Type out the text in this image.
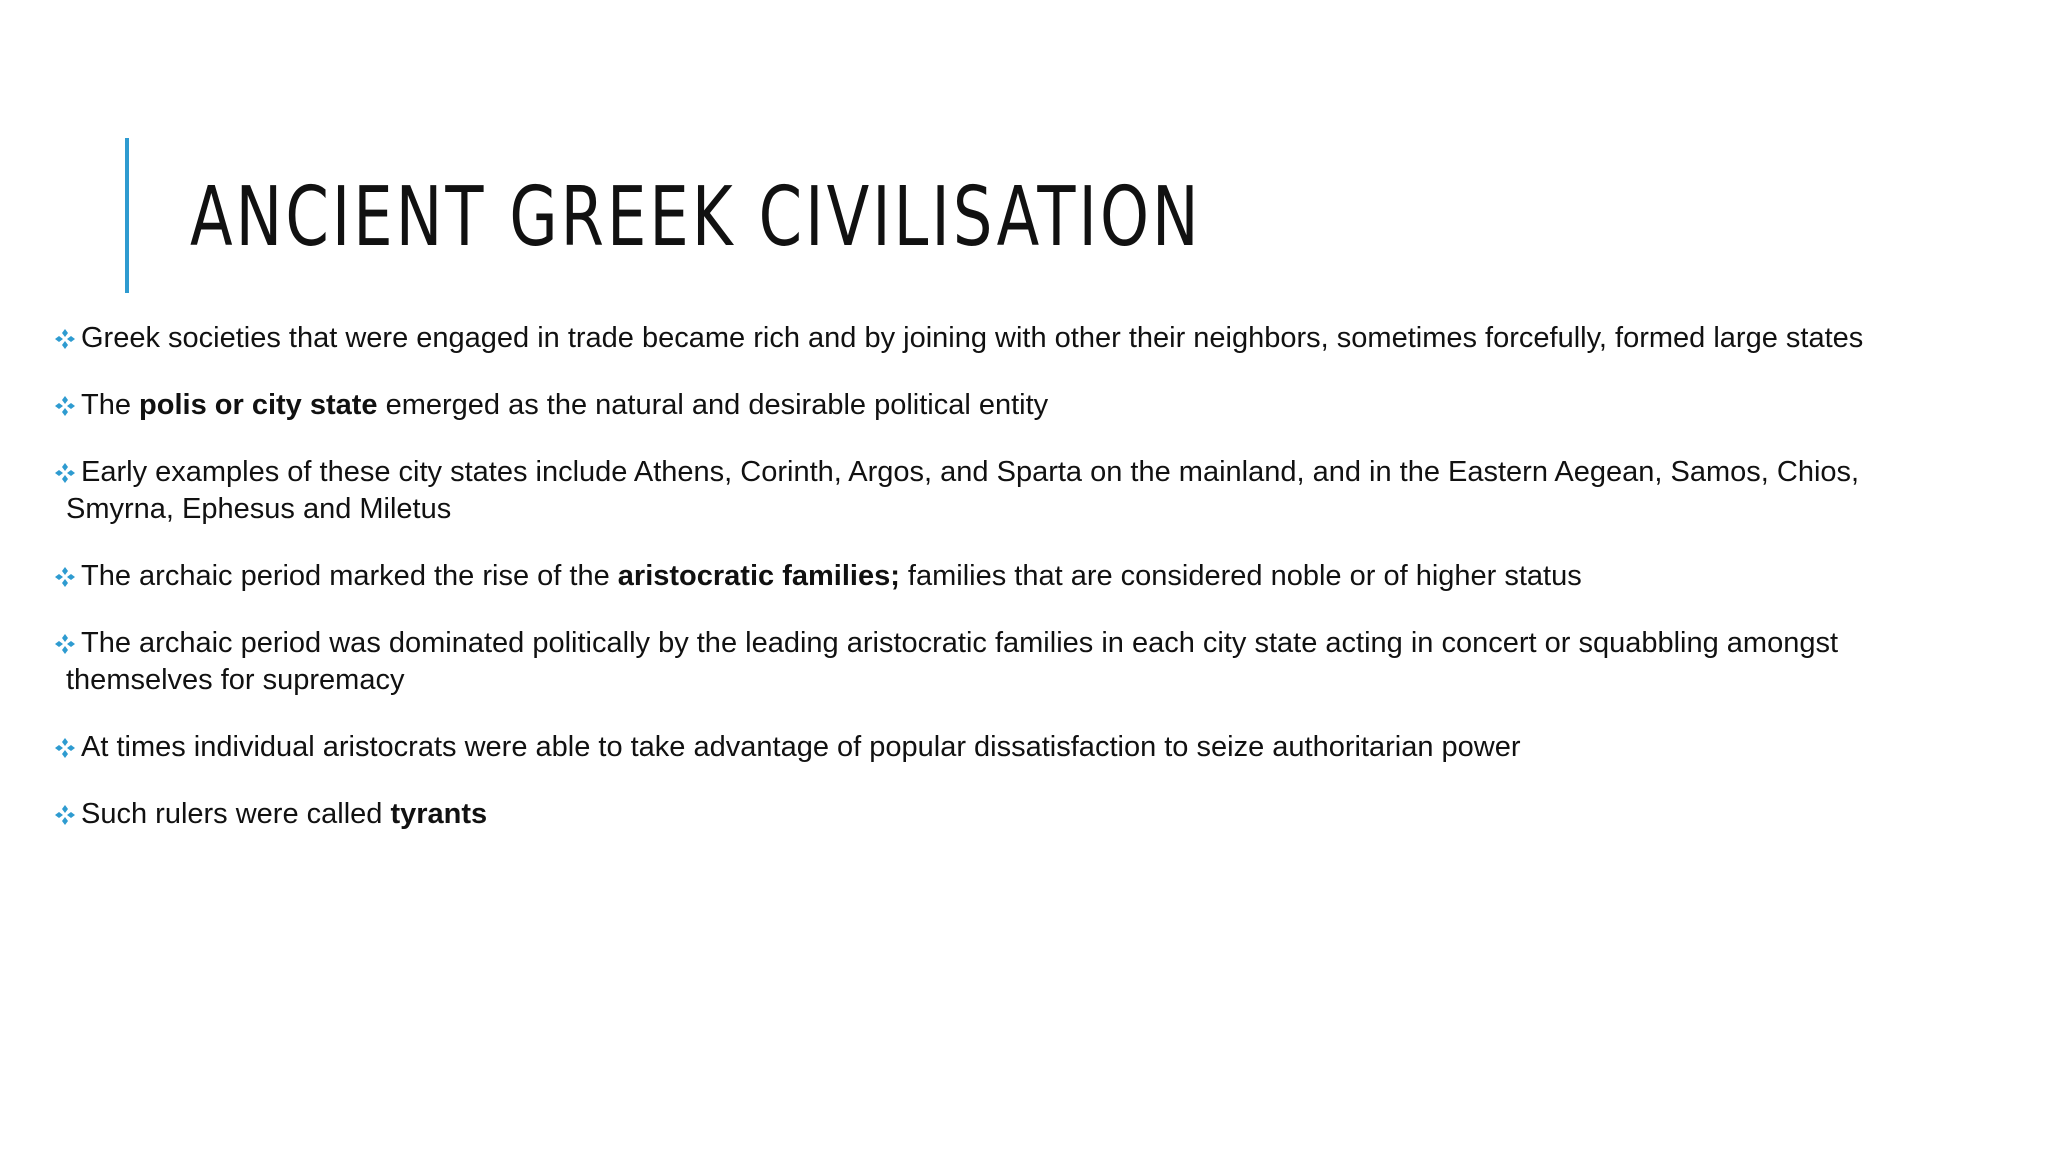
ANCIENT GREEK CIVILISATION
Greek societies that were engaged in trade became rich and by joining with other their neighbors, sometimes forcefully, formed large states
The polis or city state emerged as the natural and desirable political entity
Early examples of these city states include Athens, Corinth, Argos, and Sparta on the mainland, and in the Eastern Aegean, Samos, Chios,
Smyrna, Ephesus and Miletus
The archaic period marked the rise of the aristocratic families; families that are considered noble or of higher status
The archaic period was dominated politically by the leading aristocratic families in each city state acting in concert or squabbling amongst
themselves for supremacy
At times individual aristocrats were able to take advantage of popular dissatisfaction to seize authoritarian power
Such rulers were called tyrants
